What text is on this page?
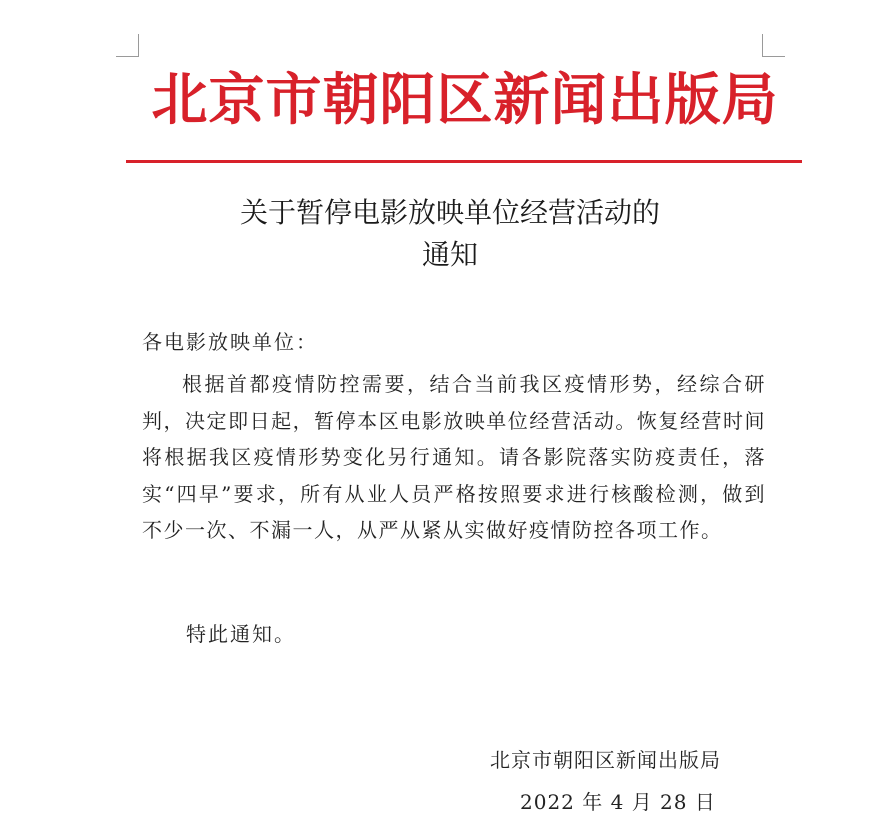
北京市朝阳区新闻出版局
关于暂停电影放映单位经营活动的
通知
各电影放映单位：
根据首都疫情防控需要，结合当前我区疫情形势，经综合研判，决定即日起，暂停本区电影放映单位经营活动。恢复经营时间将根据我区疫情形势变化另行通知。请各影院落实防疫责任，落实“四早”要求，所有从业人员严格按照要求进行核酸检测，做到不少一次、不漏一人，从严从紧从实做好疫情防控各项工作。
特此通知。
北京市朝阳区新闻出版局
2022 年 4 月 28 日
